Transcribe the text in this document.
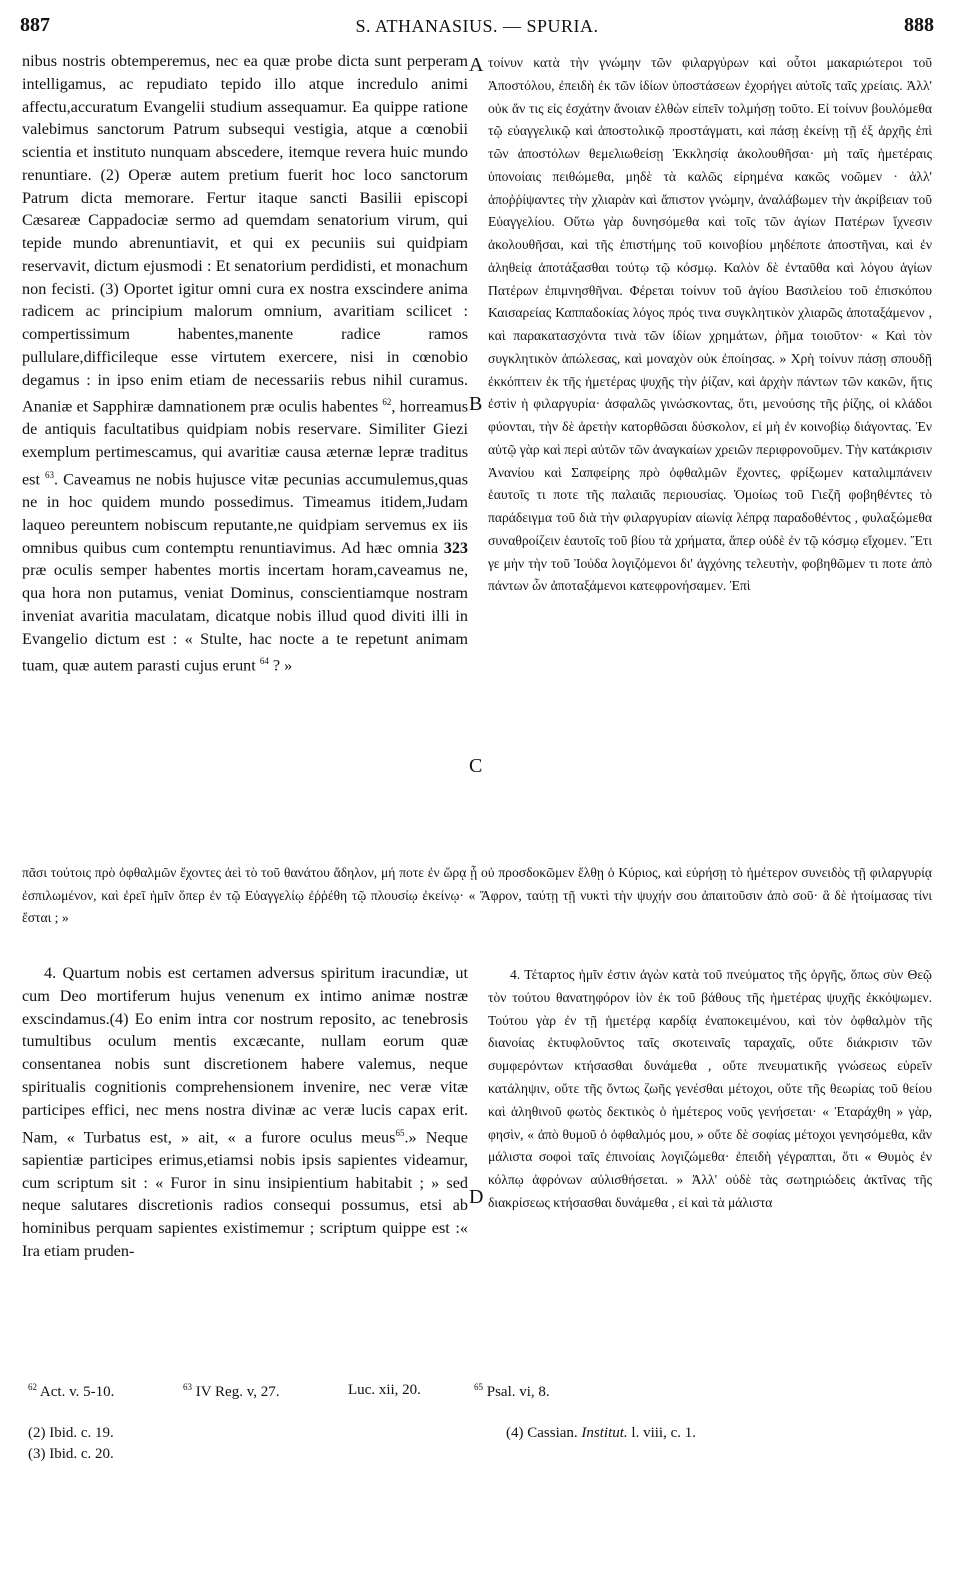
887	S. ATHANASIUS. — SPURIA.	888

nibus nostris obtemperemus, nec ea quæ probe dicta sunt perperam intelligamus, ac repudiato tepido illo atque incredulo animi affectu,accuratum Evangelii studium assequamur. Ea quippe ratione valebimus sanctorum Patrum subsequi vestigia, atque a cœnobii scientia et instituto nunquam abscedere, itemque revera huic mundo renuntiare. (2) Operæ autem pretium fuerit hoc loco sanctorum Patrum dicta memorare. Fertur itaque sancti Basilii episcopi Cæsareæ Cappadociæ sermo ad quemdam senatorium virum, qui tepide mundo abrenuntiavit, et qui ex pecuniis sui quidpiam reservavit, dictum ejusmodi : Et senatorium perdidisti, et monachum non fecisti. (3) Oportet igitur omni cura ex nostra exscindere anima radicem ac principium malorum omnium, avaritiam scilicet : compertissimum habentes,manente radice ramos pullulare,difficileque esse virtutem exercere, nisi in cœnobio degamus : in ipso enim etiam de necessariis rebus nihil curamus. Ananiæ et Sapphiræ damnationem præ oculis habentes $^{62}$, horreamus de antiquis facultatibus quidpiam nobis reservare. Similiter Giezi exemplum pertimescamus, qui avaritiæ causa æternæ lepræ traditus est $^{63}$. Caveamus ne nobis hujusce vitæ pecunias accumulemus,quas ne in hoc quidem mundo possedimus. Timeamus itidem,Judam laqueo pereuntem nobiscum reputante,ne quidpiam servemus ex iis omnibus quibus cum contemptu renuntiavimus. Ad hæc omnia 323 præ oculis semper habentes mortis incertam horam,caveamus ne, qua hora non putamus, veniat Dominus, conscientiamque nostram inveniat avaritia maculatam, dicatque nobis illud quod diviti illi in Evangelio dictum est : « Stulte, hac nocte a te repetunt animam tuam, quæ autem parasti cujus erunt $^{64}$ ? »

A
B
C
D

τοίνυν κατὰ τὴν γνώμην τῶν φιλαργύρων καὶ οὗτοι μακαριώτεροι τοῦ Ἀποστόλου, ἐπειδὴ ἐκ τῶν ἰδίων ὑποστάσεων ἐχορήγει αὐτοῖς ταῖς χρείαις. Ἀλλ' οὐκ ἄν τις εἰς ἐσχάτην ἄνοιαν ἐλθὼν εἰπεῖν τολμήσῃ τοῦτο. Εἰ τοίνυν βουλόμεθα τῷ εὐαγγελικῷ καὶ ἀποστολικῷ προστάγματι, καὶ πάσῃ ἐκείνῃ τῇ ἐξ ἀρχῆς ἐπὶ τῶν ἀποστόλων θεμελιωθείσῃ Ἐκκλησίᾳ ἀκολουθῆσαι· μὴ ταῖς ἡμετέραις ὑπονοίαις πειθώμεθα, μηδὲ τὰ καλῶς εἰρημένα κακῶς νοῶμεν · ἀλλ' ἀποῤῥίψαντες τὴν χλιαρὰν καὶ ἄπιστον γνώμην, ἀναλάβωμεν τὴν ἀκρίβειαν τοῦ Εὐαγγελίου. Οὕτω γὰρ δυνησόμεθα καὶ τοῖς τῶν ἁγίων Πατέρων ἴχνεσιν ἀκολουθῆσαι, καὶ τῆς ἐπιστήμης τοῦ κοινοβίου μηδέποτε ἀποστῆναι, καὶ ἐν ἀληθείᾳ ἀποτάξασθαι τούτῳ τῷ κόσμῳ. Καλὸν δὲ ἐνταῦθα καὶ λόγου ἁγίων Πατέρων ἐπιμνησθῆναι. Φέρεται τοίνυν τοῦ ἁγίου Βασιλείου τοῦ ἐπισκόπου Καισαρείας Καππαδοκίας λόγος πρός τινα συγκλητικὸν χλιαρῶς ἀποταξάμενον , καὶ παρακατασχόντα τινὰ τῶν ἰδίων χρημάτων, ῥῆμα τοιοῦτον· « Καὶ τὸν συγκλητικὸν ἀπώλεσας, καὶ μοναχὸν οὐκ ἐποίησας. » Χρὴ τοίνυν πάσῃ σπουδῇ ἐκκόπτειν ἐκ τῆς ἡμετέρας ψυχῆς τὴν ῥίζαν, καὶ ἀρχὴν πάντων τῶν κακῶν, ἥτις ἐστὶν ἡ φιλαργυρία· ἀσφαλῶς γινώσκοντας, ὅτι, μενούσης τῆς ῥίζης, οἱ κλάδοι φύονται, τὴν δὲ ἀρετὴν κατορθῶσαι δύσκολον, εἰ μὴ ἐν κοινοβίῳ διάγοντας. Ἐν αὐτῷ γὰρ καὶ περὶ αὐτῶν τῶν ἀναγκαίων χρειῶν περιφρονοῦμεν. Τὴν κατάκρισιν Ἀνανίου καὶ Σαπφείρης πρὸ ὀφθαλμῶν ἔχοντες, φρίξωμεν καταλιμπάνειν ἑαυτοῖς τι ποτε τῆς παλαιᾶς περιουσίας. Ὁμοίως τοῦ Γιεζῆ φοβηθέντες τὸ παράδειγμα τοῦ διὰ τὴν φιλαργυρίαν αἰωνίᾳ λέπρᾳ παραδοθέντος , φυλαξώμεθα συναθροίζειν ἑαυτοῖς τοῦ βίου τὰ χρήματα, ἅπερ οὐδὲ ἐν τῷ κόσμῳ εἴχομεν. Ἔτι γε μὴν τὴν τοῦ Ἰούδα λογιζόμενοι δι' ἀγχόνης τελευτὴν, φοβηθῶμεν τι ποτε ἀπὸ πάντων ὧν ἀποταξάμενοι κατεφρονήσαμεν. Ἐπὶ

πᾶσι τούτοις πρὸ ὀφθαλμῶν ἔχοντες ἀεὶ τὸ τοῦ θανάτου ἄδηλον, μή ποτε ἐν ὥρᾳ ᾗ οὐ προσδοκῶμεν ἔλθῃ ὁ Κύριος, καὶ εὑρήσῃ τὸ ἡμέτερον συνειδὸς τῇ φιλαργυρίᾳ ἐσπιλωμένον, καὶ ἐρεῖ ἡμῖν ὅπερ ἐν τῷ Εὐαγγελίῳ ἐῤῥέθη τῷ πλουσίῳ ἐκείνῳ· « Ἄφρον, ταύτῃ τῇ νυκτὶ τὴν ψυχήν σου ἀπαιτοῦσιν ἀπὸ σοῦ· ἃ δὲ ἡτοίμασας τίνι ἔσται ; »

4. Quartum nobis est certamen adversus spiritum iracundiæ, ut cum Deo mortiferum hujus venenum ex intimo animæ nostræ exscindamus.(4) Eo enim intra cor nostrum reposito, ac tenebrosis tumultibus oculum mentis excæcante, nullam eorum quæ consentanea nobis sunt discretionem habere valemus, neque spiritualis cognitionis comprehensionem invenire, nec veræ vitæ participes effici, nec mens nostra divinæ ac veræ lucis capax erit. Nam, « Turbatus est, » ait, « a furore oculus meus$^{65}$.» Neque sapientiæ participes erimus,etiamsi nobis ipsis sapientes videamur, cum scriptum sit : « Furor in sinu insipientium habitabit ; » sed neque salutares discretionis radios consequi possumus, etsi ab hominibus perquam sapientes existimemur ; scriptum quippe est :« Ira etiam pruden-

4. Τέταρτος ἡμῖν ἐστιν ἀγὼν κατὰ τοῦ πνεύματος τῆς ὀργῆς, ὅπως σὺν Θεῷ τὸν τούτου θανατηφόρον ἰὸν ἐκ τοῦ βάθους τῆς ἡμετέρας ψυχῆς ἐκκόψωμεν. Τούτου γὰρ ἐν τῇ ἡμετέρᾳ καρδίᾳ ἐναποκειμένου, καὶ τὸν ὀφθαλμὸν τῆς διανοίας ἐκτυφλοῦντος ταῖς σκοτειναῖς ταραχαῖς, οὔτε διάκρισιν τῶν συμφερόντων κτήσασθαι δυνάμεθα , οὔτε πνευματικῆς γνώσεως εὑρεῖν κατάληψιν, οὔτε τῆς ὄντως ζωῆς γενέσθαι μέτοχοι, οὔτε τῆς θεωρίας τοῦ θείου καὶ ἀληθινοῦ φωτὸς δεκτικὸς ὁ ἡμέτερος νοῦς γενήσεται· « Ἐταράχθη » γὰρ, φησὶν, « ἀπὸ θυμοῦ ὁ ὀφθαλμός μου, » οὔτε δὲ σοφίας μέτοχοι γενησόμεθα, κἂν μάλιστα σοφοὶ ταῖς ἐπινοίαις λογιζώμεθα· ἐπειδὴ γέγραπται, ὅτι « Θυμὸς ἐν κόλπῳ ἀφρόνων αὐλισθήσεται. » Ἀλλ' οὐδὲ τὰς σωτηριώδεις ἀκτῖνας τῆς διακρίσεως κτήσασθαι δυνάμεθα , εἰ καὶ τὰ μάλιστα

$^{62}$ Act. v. 5-10.	$^{63}$ IV Reg. v, 27.	Luc. xii, 20.	$^{65}$ Psal. vi, 8.
(2) Ibid. c. 19.
(3) Ibid. c. 20.
(4) Cassian. Institut. l. viii, c. 1.
